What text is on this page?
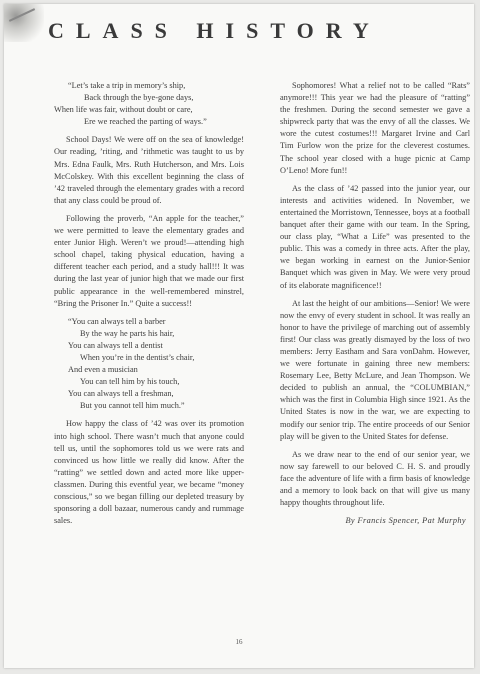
CLASS HISTORY
“Let’s take a trip in memory’s ship,
Back through the bye-gone days,
When life was fair, without doubt or care,
Ere we reached the parting of ways.”

School Days! We were off on the sea of knowledge! Our reading, ’riting, and ’rithmetic was taught to us by Mrs. Edna Faulk, Mrs. Ruth Hutcherson, and Mrs. Lois McColskey. With this excellent beginning the class of ’42 traveled through the elementary grades with a record that any class could be proud of.

Following the proverb, “An apple for the teacher,” we were permitted to leave the elementary grades and enter Junior High. Weren’t we proud!—attending high school chapel, taking physical education, having a different teacher each period, and a study hall!!! It was during the last year of junior high that we made our first public appearance in the well-remembered minstrel, “Bring the Prisoner In.” Quite a success!!

“You can always tell a barber
By the way he parts his hair,
You can always tell a dentist
When you’re in the dentist’s chair,
And even a musician
You can tell him by his touch,
You can always tell a freshman,
But you cannot tell him much.”

How happy the class of ’42 was over its promotion into high school. There wasn’t much that anyone could tell us, until the sophomores told us we were rats and convinced us how little we really did know. After the “ratting” we settled down and acted more like upper-classmen. During this eventful year, we became “money conscious,” so we began filling our depleted treasury by sponsoring a doll bazaar, numerous candy and rummage sales.

Sophomores! What a relief not to be called “Rats” anymore!!! This year we had the pleasure of “ratting” the freshmen. During the second semester we gave a shipwreck party that was the envy of all the classes. We wore the cutest costumes!!! Margaret Irvine and Carl Tim Furlow won the prize for the cleverest costumes. The school year closed with a huge picnic at Camp O’Leno! More fun!!

As the class of ’42 passed into the junior year, our interests and activities widened. In November, we entertained the Morristown, Tennessee, boys at a football banquet after their game with our team. In the Spring, our class play, “What a Life” was presented to the public. This was a comedy in three acts. After the play, we began working in earnest on the Junior-Senior Banquet which was given in May. We were very proud of its elaborate magnificence!!

At last the height of our ambitions—Senior! We were now the envy of every student in school. It was really an honor to have the privilege of marching out of assembly first! Our class was greatly dismayed by the loss of two members: Jerry Eastham and Sara vonDahm. However, we were fortunate in gaining three new members: Rosemary Lee, Betty McLure, and Jean Thompson. We decided to publish an annual, the “COLUMBIAN,” which was the first in Columbia High since 1921. As the United States is now in the war, we are expecting to modify our senior trip. The entire proceeds of our Senior play will be given to the United States for defense.

As we draw near to the end of our senior year, we now say farewell to our beloved C. H. S. and proudly face the adventure of life with a firm basis of knowledge and a memory to look back on that will give us many happy thoughts throughout life.

By Francis Spencer, Pat Murphy
16
